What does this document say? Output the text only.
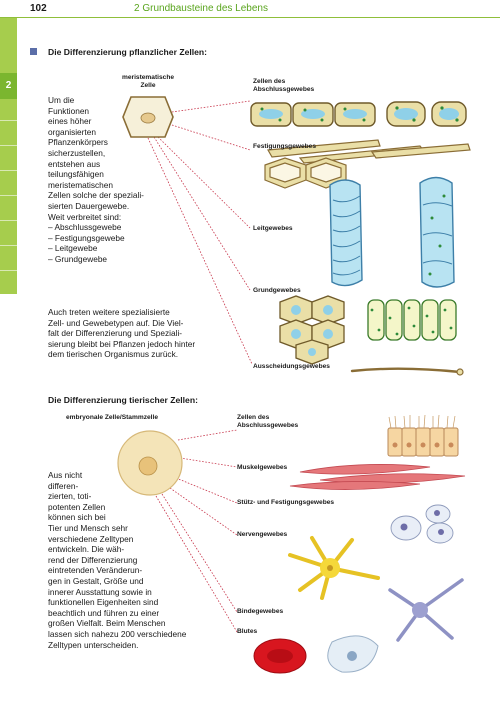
102	2 Grundbausteine des Lebens
2
Die Differenzierung pflanzlicher Zellen:
meristematische
Zelle
Um die
Funktionen
eines höher
organisierten
Pflanzenkörpers
sicherzustellen,
entstehen aus
teilungsfähigen
meristematischen
Zellen solche der speziali-
sierten Dauergewebe.
Weit verbreitet sind:
– Abschlussgewebe
– Festigungsgewebe
– Leitgewebe
– Grundgewebe
Auch treten weitere spezialisierte
Zell- und Gewebetypen auf. Die Viel-
falt der Differenzierung und Speziali-
sierung bleibt bei Pflanzen jedoch hinter
dem tierischen Organismus zurück.
Zellen des
Abschlussgewebes
Festigungsgewebes
Leitgewebes
Grundgewebes
Ausscheidungsgewebes
Die Differenzierung tierischer Zellen:
embryonale Zelle/Stammzelle
Aus nicht
differen-
zierten, toti-
potenten Zellen
können sich bei
Tier und Mensch sehr
verschiedene Zelltypen
entwickeln. Die wäh-
rend der Differenzierung
eintretenden Veränderun-
gen in Gestalt, Größe und
innerer Ausstattung sowie in
funktionellen Eigenheiten sind
beachtlich und führen zu einer
großen Vielfalt. Beim Menschen
lassen sich nahezu 200 verschiedene
Zelltypen unterscheiden.
Zellen des
Abschlussgewebes
Muskelgewebes
Stütz- und Festigungsgewebes
Nervengewebes
Bindegewebes
Blutes
